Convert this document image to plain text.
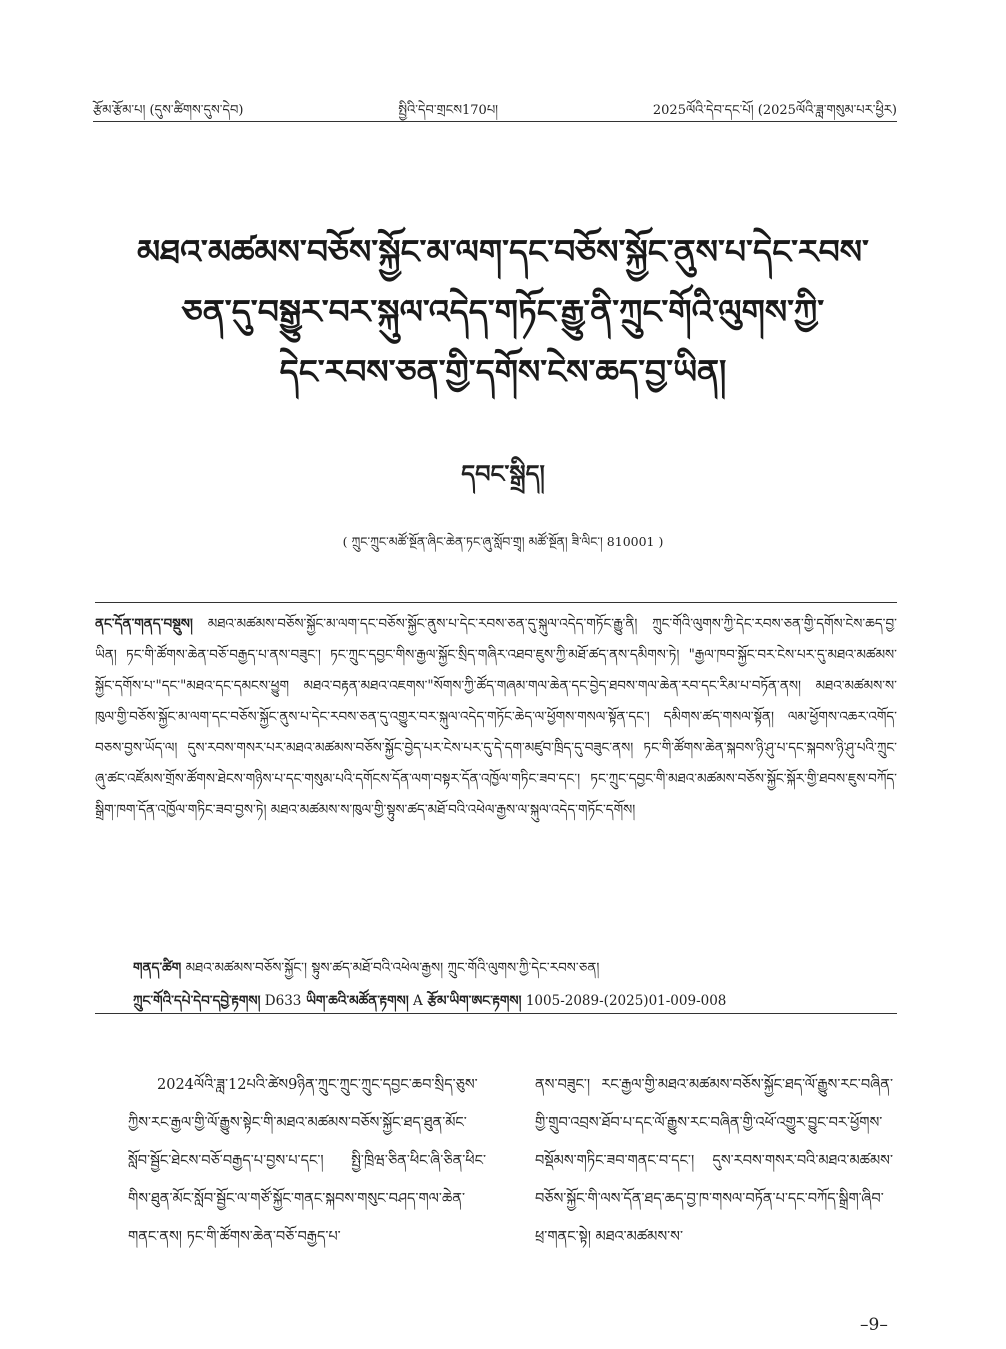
རྩོམ་རྩོམ་པ། (དུས་ཚིགས་དུས་དེབ)	སྤྱིའི་དེབ་གྲངས170པ།	2025ལོའི་དེབ་དང་པོ། (2025ལོའི་ཟླ་གསུམ་པར་ཕྱིར)
མཐའ་མཚམས་བཅོས་སྐྱོང་མ་ལག་དང་བཅོས་སྐྱོང་ནུས་པ་དེང་རབས་
ཅན་དུ་བསྒྱུར་བར་སྐུལ་འདེད་གཏོང་རྒྱུ་ནི་ཀྲུང་གོའི་ལུགས་ཀྱི་
དེང་རབས་ཅན་གྱི་དགོས་ངེས་ཆད་བྱ་ཡིན།
དབང་སྒྲིད།
( ཀྲུང་ཀྲུང་མཚོ་སྔོན་ཞིང་ཆེན་ཏང་ཞུ་སློབ་གྲྭ། མཚོ་སྔོན། ཟི་ལིང་། 810001 )
ནང་དོན་གནད་བསྡུས། མཐའ་མཚམས་བཅོས་སྐྱོང་མ་ལག་དང་བཅོས་སྐྱོང་ནུས་པ་དེང་རབས་ཅན་དུ་སྐུལ་འདེད་གཏོང་རྒྱུ་ནི། ཀྲུང་གོའི་ལུགས་ཀྱི་དེང་རབས་ཅན་གྱི་དགོས་ངེས་ཆད་བྱ་ཡིན། ཏང་གི་ཚོགས་ཆེན་བཅོ་བརྒྱད་པ་ནས་བཟུང་། ཏང་ཀྲུང་དབྱང་གིས་རྒྱལ་སྐྱོང་སྲིད་གཞིར་འཐབ་ཇུས་ཀྱི་མཐོ་ཚད་ནས་དམིགས་ཏེ། "རྒྱལ་ཁབ་སྐྱོང་བར་ངེས་པར་དུ་མཐའ་མཚམས་སྐྱོང་དགོས་པ་"དང་"མཐའ་དང་དམངས་ཕྱུག མཐའ་བརྟན་མཐའ་འཇགས་"སོགས་ཀྱི་ཚོད་གཞམ་གལ་ཆེན་དང་བྱེད་ཐབས་གལ་ཆེན་རབ་དང་རིམ་པ་བཏོན་ནས། མཐའ་མཚམས་ས་ཁུལ་གྱི་བཅོས་སྐྱོང་མ་ལག་དང་བཅོས་སྐྱོང་ནུས་པ་དེང་རབས་ཅན་དུ་འགྱུར་བར་སྐུལ་འདེད་གཏོང་ཆེད་ལ་ཕྱོགས་གསལ་སྟོན་དང་། དམིགས་ཚད་གསལ་སྟོན། ལམ་ཕྱོགས་འཆར་འགོད་བཅས་བྱས་ཡོད་ལ། དུས་རབས་གསར་པར་མཐའ་མཚམས་བཅོས་སྐྱོང་བྱེད་པར་ངེས་པར་དུ་དེ་དག་མཛུབ་ཁྲིད་དུ་བཟུང་ནས། ཏང་གི་ཚོགས་ཆེན་སྐབས་ཉི་ཤུ་པ་དང་སྐབས་ཉི་ཤུ་པའི་ཀྲུང་ཞུ་ཚང་འཛོམས་གྲོས་ཚོགས་ཐེངས་གཉིས་པ་དང་གསུམ་པའི་དགོངས་དོན་ལག་བསྟར་དོན་འཁྱོལ་གཏིང་ཟབ་དང་། ཏང་ཀྲུང་དབྱང་གི་མཐའ་མཚམས་བཅོས་སྐྱོང་སྐོར་གྱི་ཐབས་ཇུས་བཀོད་སྒྲིག་ཁག་དོན་འཁྱོལ་གཏིང་ཟབ་བྱས་ཏེ། མཐའ་མཚམས་ས་ཁུལ་གྱི་སྟུས་ཚད་མཐོ་བའི་འཕེལ་རྒྱས་ལ་སྐུལ་འདེད་གཏོང་དགོས།
གནད་ཚིག མཐའ་མཚམས་བཅོས་སྐྱོང་། སྟུས་ཚད་མཐོ་བའི་འཕེལ་རྒྱས། ཀྲུང་གོའི་ལུགས་ཀྱི་དེང་རབས་ཅན།
ཀྲུང་གོའི་དཔེ་དེབ་དབྱེ་རྟགས། D633 ཡིག་ཆའི་མཚོན་རྟགས། A རྩོམ་ཡིག་ཨང་རྟགས། 1005-2089-(2025)01-009-008
2024ལོའི་ཟླ་12པའི་ཚེས9ཉིན་ཀྲུང་ཀྲུང་ཀྲུང་དབྱང་ཆབ་སྲིད་ཅུས་ཀྱིས་རང་རྒྱལ་གྱི་ལོ་རྒྱུས་སྟེང་གི་མཐའ་མཚམས་བཅོས་སྐྱོང་ཐད་ཐུན་མོང་སློབ་སྦྱོང་ཐེངས་བཅོ་བརྒྱད་པ་བྱས་པ་དང་། སྤྱི་ཁྲིཝ་ཅིན་ཕིང་ཞི་ཅིན་ཕིང་གིས་ཐུན་མོང་སློབ་སྦྱོང་ལ་གཙོ་སྐྱོང་གནང་སྐབས་གསུང་བཤད་གལ་ཆེན་གནང་ནས། ཏང་གི་ཚོགས་ཆེན་བཅོ་བརྒྱད་པ་
ནས་བཟུང་། རང་རྒྱལ་གྱི་མཐའ་མཚམས་བཅོས་སྐྱོང་ཐད་ལོ་རྒྱུས་རང་བཞིན་གྱི་གྲུབ་འབྲས་ཐོབ་པ་དང་ལོ་རྒྱུས་རང་བཞིན་གྱི་འཕོ་འགྱུར་བྱུང་བར་ཕྱོགས་བསྡོམས་གཏིང་ཟབ་གནང་བ་དང་། དུས་རབས་གསར་བའི་མཐའ་མཚམས་བཅོས་སྐྱོང་གི་ལས་དོན་ཐད་ཆད་བྱ་ཁ་གསལ་བཏོན་པ་དང་བཀོད་སྒྲིག་ཞིབ་ཕྲ་གནང་སྟེ། མཐའ་མཚམས་ས་
–9–
